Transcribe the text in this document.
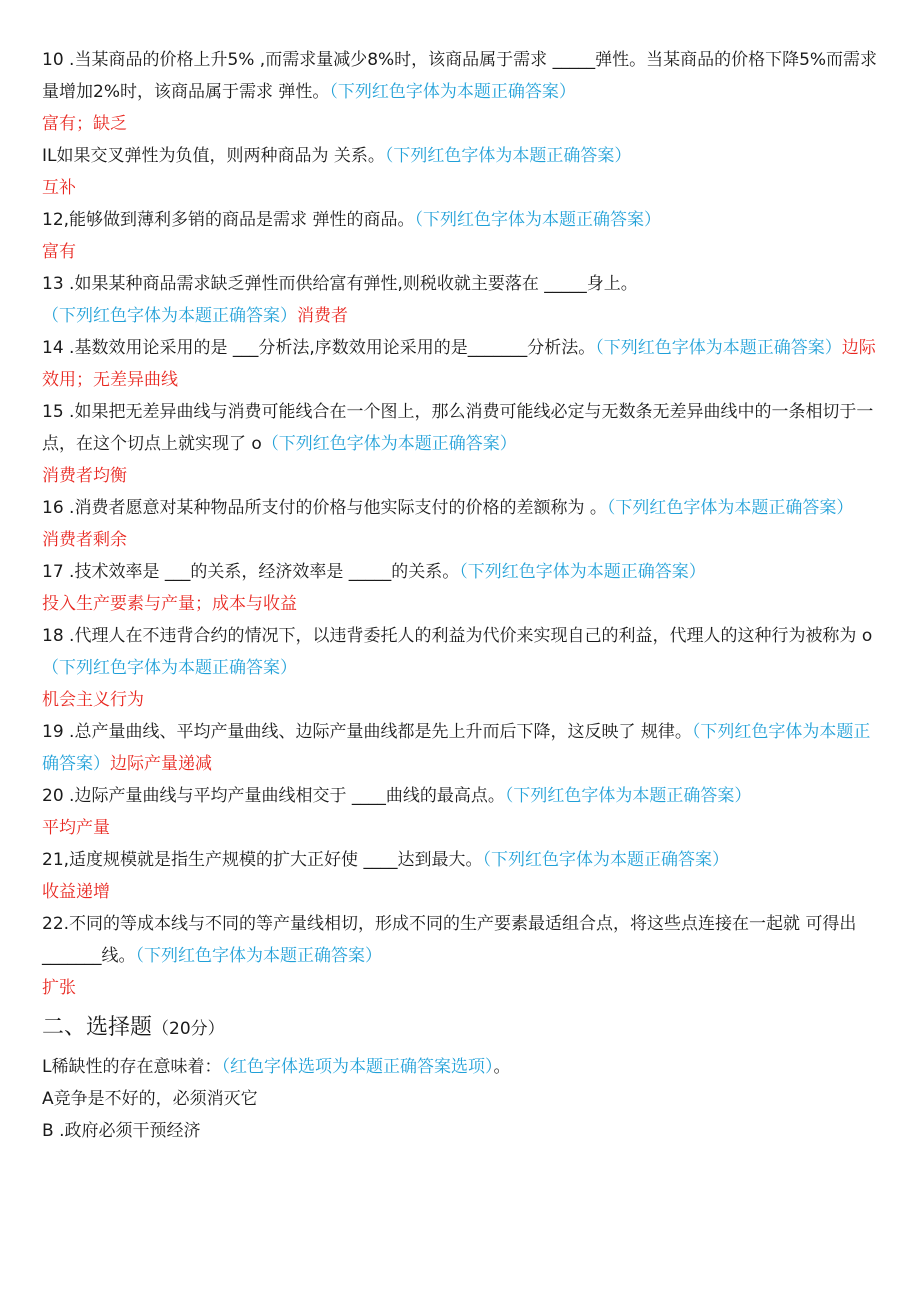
10 .当某商品的价格上升5% ,而需求量减少8%时，该商品属于需求 _____弹性。当某商品的价格下降5%而需求量增加2%时，该商品属于需求 弹性。（下列红色字体为本题正确答案）

富有；缺乏

IL如果交叉弹性为负值，则两种商品为 关系。（下列红色字体为本题正确答案）

互补

12,能够做到薄利多销的商品是需求 弹性的商品。（下列红色字体为本题正确答案）

富有

13 .如果某种商品需求缺乏弹性而供给富有弹性,则税收就主要落在 _____身上。（下列红色字体为本题正确答案）消费者

14 .基数效用论采用的是 ___分析法,序数效用论采用的是_______分析法。（下列红色字体为本题正确答案）边际效用；无差异曲线

15 .如果把无差异曲线与消费可能线合在一个图上，那么消费可能线必定与无数条无差异曲线中的一条相切于一点，在这个切点上就实现了 o（下列红色字体为本题正确答案）

消费者均衡

16 .消费者愿意对某种物品所支付的价格与他实际支付的价格的差额称为 。（下列红色字体为本题正确答案）

消费者剩余

17 .技术效率是 ___的关系，经济效率是 _____的关系。（下列红色字体为本题正确答案）

投入生产要素与产量；成本与收益

18 .代理人在不违背合约的情况下，以违背委托人的利益为代价来实现自己的利益，代理人的这种行为被称为 o（下列红色字体为本题正确答案）

机会主义行为

19 .总产量曲线、平均产量曲线、边际产量曲线都是先上升而后下降，这反映了 规律。（下列红色字体为本题正确答案）边际产量递减

20 .边际产量曲线与平均产量曲线相交于 ____曲线的最高点。（下列红色字体为本题正确答案）

平均产量

21,适度规模就是指生产规模的扩大正好使 ____达到最大。（下列红色字体为本题正确答案）

收益递增

22.不同的等成本线与不同的等产量线相切，形成不同的生产要素最适组合点，将这些点连接在一起就 可得出_______线。（下列红色字体为本题正确答案）

扩张

二、选择题（20分）

L稀缺性的存在意味着：（红色字体选项为本题正确答案选项）。

A竞争是不好的，必须消灭它

B .政府必须干预经济
